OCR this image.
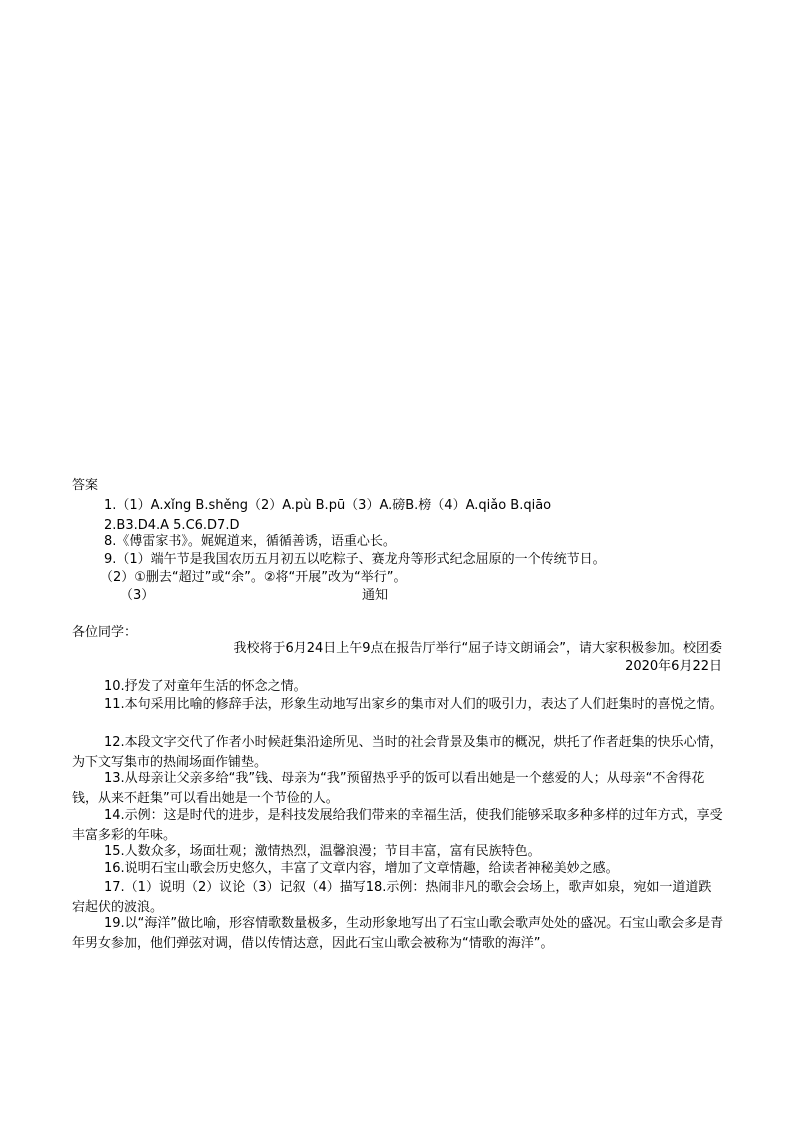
答案
1.（1）A.xǐng B.shěng（2）A.pù B.pū（3）A.磅B.榜（4）A.qiǎo B.qiāo
2.B3.D4.A 5.C6.D7.D
8.《傅雷家书》。娓娓道来，循循善诱，语重心长。
9.（1）端午节是我国农历五月初五以吃粽子、赛龙舟等形式纪念屈原的一个传统节日。
（2）①删去“超过”或“余”。②将“开展”改为“举行”。
（3）	通知
各位同学：
我校将于6月24日上午9点在报告厅举行“屈子诗文朗诵会”，请大家积极参加。校团委
2020年6月22日
10.抒发了对童年生活的怀念之情。
11.本句采用比喻的修辞手法，形象生动地写出家乡的集市对人们的吸引力，表达了人们赶集时的喜悦之情。
12.本段文字交代了作者小时候赶集沿途所见、当时的社会背景及集市的概况，烘托了作者赶集的快乐心情，为下文写集市的热闹场面作铺垫。
13.从母亲让父亲多给“我”钱、母亲为“我”预留热乎乎的饭可以看出她是一个慈爱的人；从母亲“不舍得花钱，从来不赶集”可以看出她是一个节俭的人。
14.示例：这是时代的进步，是科技发展给我们带来的幸福生活，使我们能够采取多种多样的过年方式，享受丰富多彩的年味。
15.人数众多，场面壮观；激情热烈，温馨浪漫；节目丰富，富有民族特色。
16.说明石宝山歌会历史悠久，丰富了文章内容，增加了文章情趣，给读者神秘美妙之感。
17.（1）说明（2）议论（3）记叙（4）描写18.示例：热闹非凡的歌会会场上，歌声如泉，宛如一道道跌宕起伏的波浪。
19.以“海洋”做比喻，形容情歌数量极多，生动形象地写出了石宝山歌会歌声处处的盛况。石宝山歌会多是青年男女参加，他们弹弦对调，借以传情达意，因此石宝山歌会被称为“情歌的海洋”。
